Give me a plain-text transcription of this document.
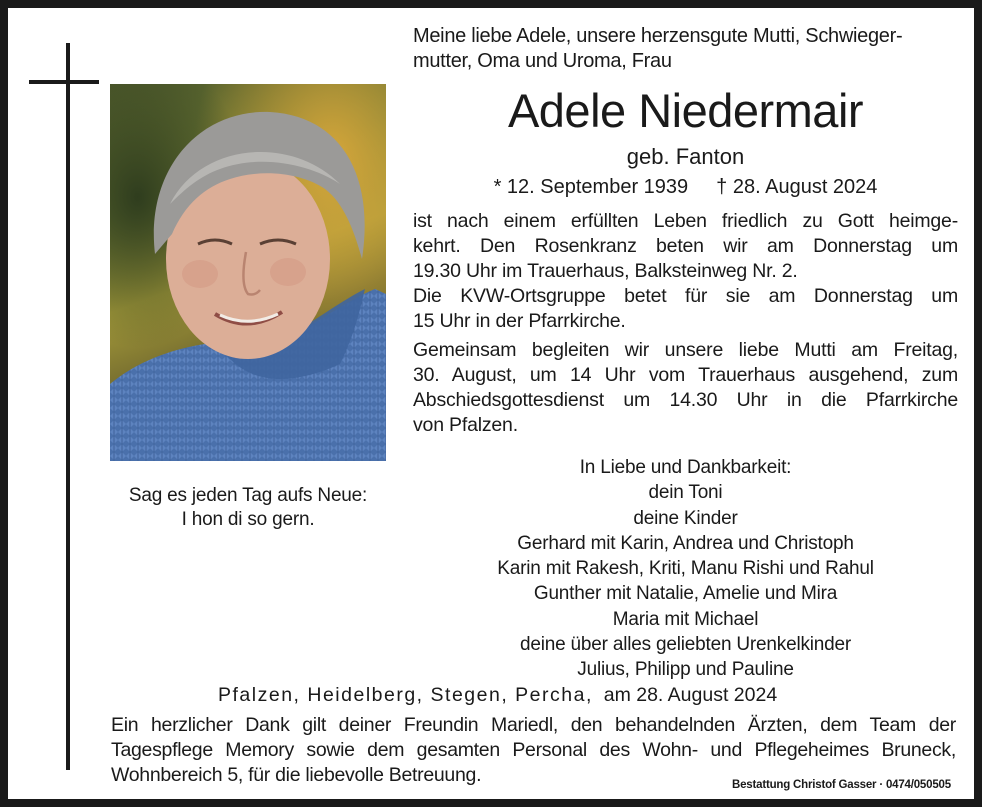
Sag es jeden Tag aufs Neue:
I hon di so gern.
Meine liebe Adele, unsere herzensgute Mutti, Schwieger-
mutter, Oma und Uroma, Frau
Adele Niedermair
geb. Fanton
* 12. September 1939 † 28. August 2024
ist nach einem erfüllten Leben friedlich zu Gott heimge-
kehrt. Den Rosenkranz beten wir am Donnerstag um
19.30 Uhr im Trauerhaus, Balksteinweg Nr. 2.
Die KVW-Ortsgruppe betet für sie am Donnerstag um
15 Uhr in der Pfarrkirche.
Gemeinsam begleiten wir unsere liebe Mutti am Freitag,
30. August, um 14 Uhr vom Trauerhaus ausgehend, zum
Abschiedsgottesdienst um 14.30 Uhr in die Pfarrkirche
von Pfalzen.
In Liebe und Dankbarkeit:
dein Toni
deine Kinder
Gerhard mit Karin, Andrea und Christoph
Karin mit Rakesh, Kriti, Manu Rishi und Rahul
Gunther mit Natalie, Amelie und Mira
Maria mit Michael
deine über alles geliebten Urenkelkinder
Julius, Philipp und Pauline
Pfalzen, Heidelberg, Stegen, Percha, am 28. August 2024
Ein herzlicher Dank gilt deiner Freundin Mariedl, den behandelnden Ärzten, dem Team der
Tagespflege Memory sowie dem gesamten Personal des Wohn- und Pflegeheimes Bruneck,
Wohnbereich 5, für die liebevolle Betreuung.	Bestattung Christof Gasser · 0474/050505
